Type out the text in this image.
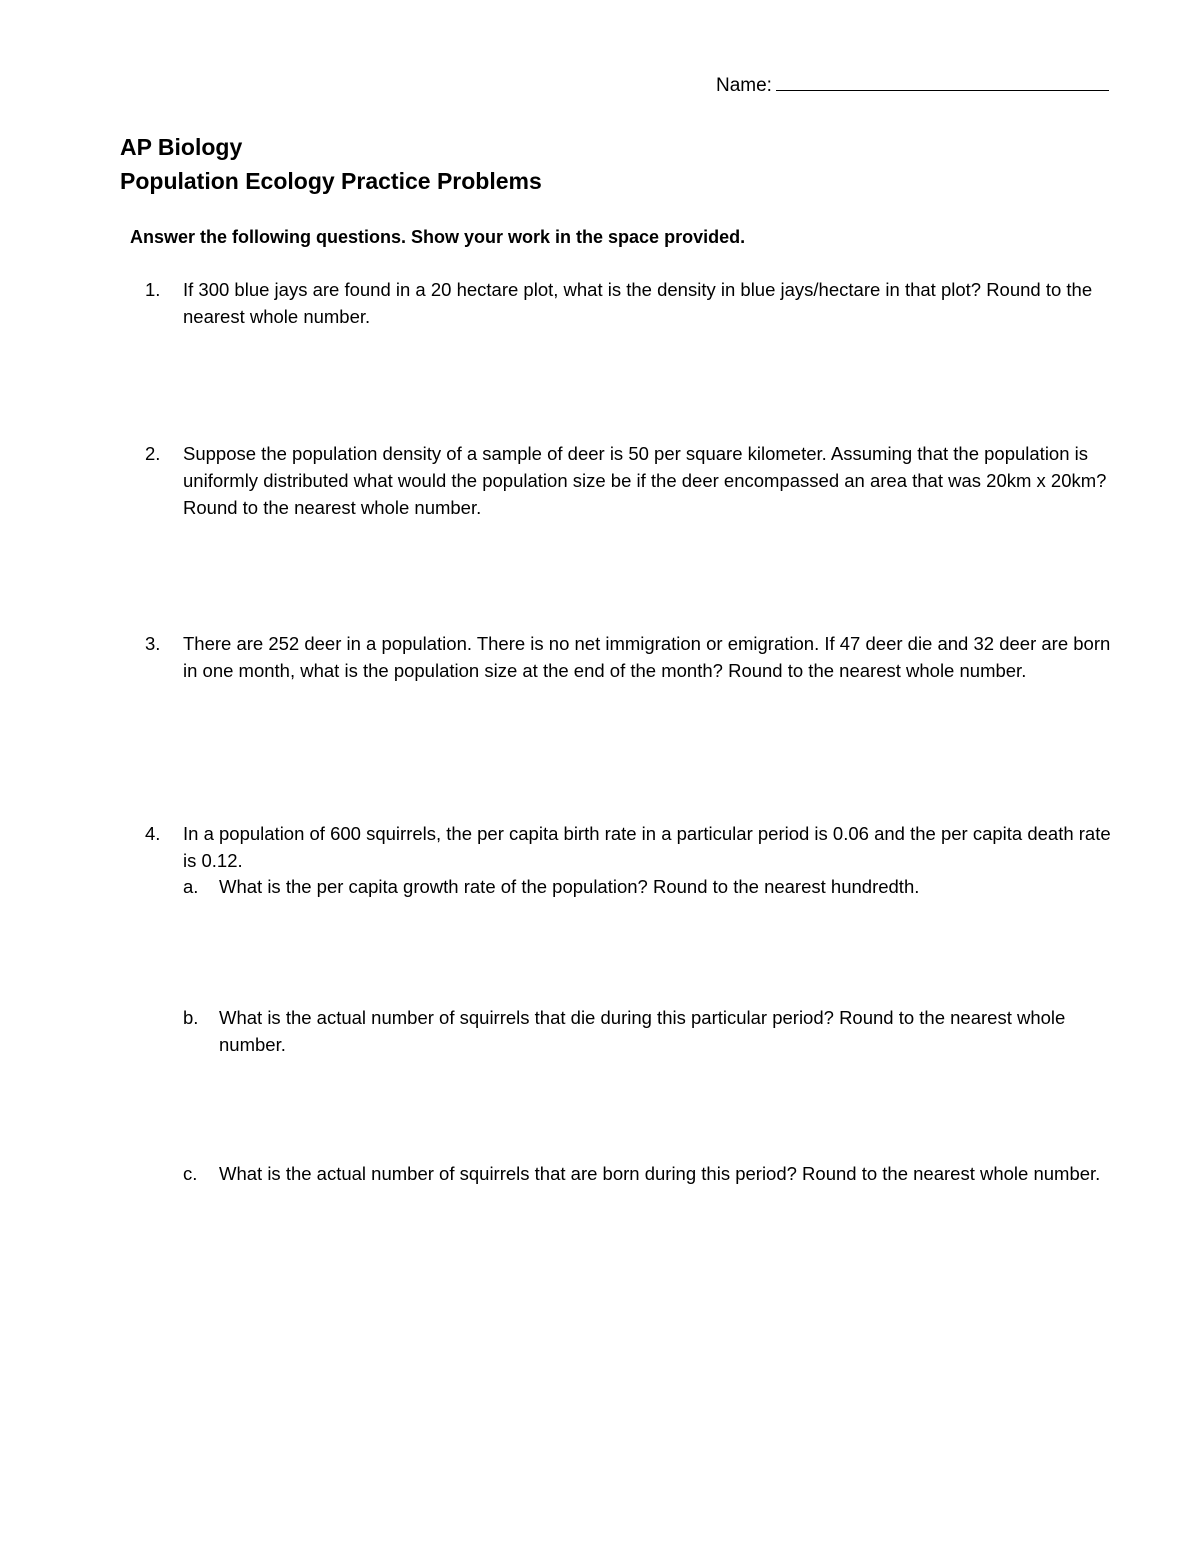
Name:
AP Biology
Population Ecology Practice Problems
Answer the following questions. Show your work in the space provided.
1. If 300 blue jays are found in a 20 hectare plot, what is the density in blue jays/hectare in that plot? Round to the nearest whole number.
2. Suppose the population density of a sample of deer is 50 per square kilometer. Assuming that the population is uniformly distributed what would the population size be if the deer encompassed an area that was 20km x 20km? Round to the nearest whole number.
3. There are 252 deer in a population. There is no net immigration or emigration. If 47 deer die and 32 deer are born in one month, what is the population size at the end of the month? Round to the nearest whole number.
4. In a population of 600 squirrels, the per capita birth rate in a particular period is 0.06 and the per capita death rate is 0.12.
a. What is the per capita growth rate of the population? Round to the nearest hundredth.
b. What is the actual number of squirrels that die during this particular period? Round to the nearest whole number.
c. What is the actual number of squirrels that are born during this period? Round to the nearest whole number.
